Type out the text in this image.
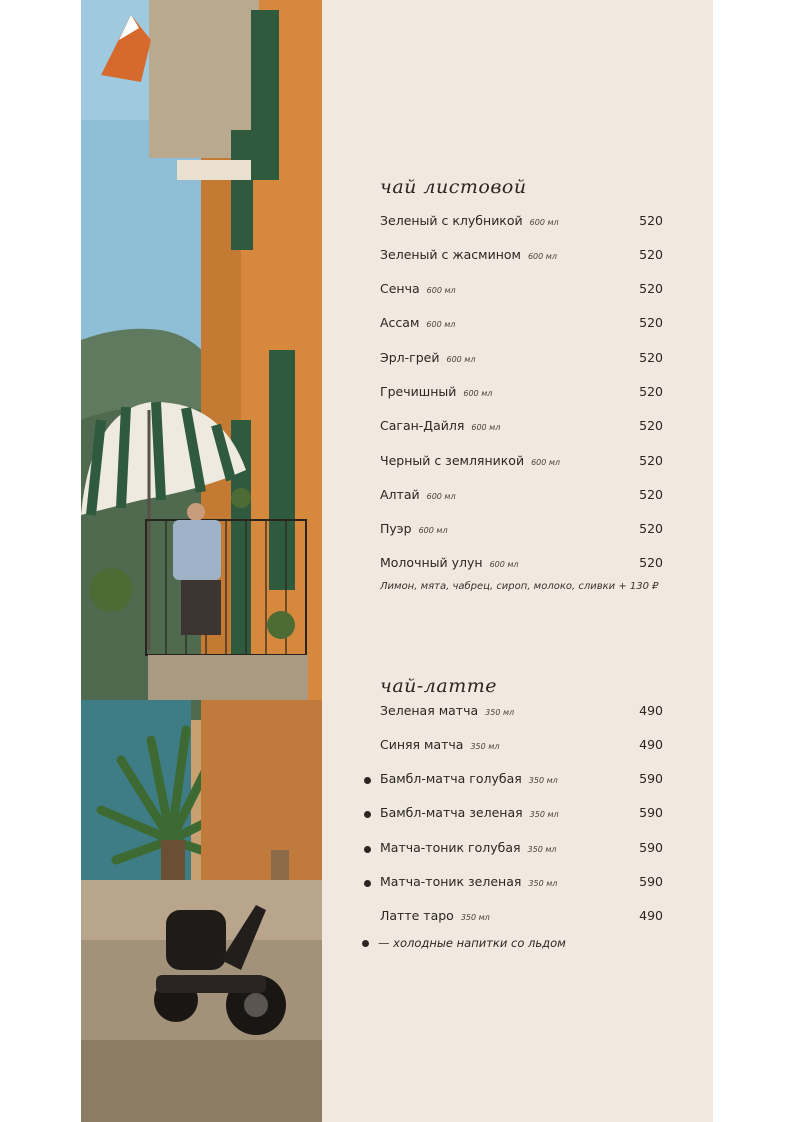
чай листовой
Зеленый с клубникой 600 мл	520
Зеленый с жасмином 600 мл	520
Сенча 600 мл	520
Ассам 600 мл	520
Эрл-грей 600 мл	520
Гречишный 600 мл	520
Саган-Дайля 600 мл	520
Черный с земляникой 600 мл	520
Алтай 600 мл	520
Пуэр 600 мл	520
Молочный улун 600 мл	520
Лимон, мята, чабрец, сироп, молоко, сливки + 130 ₽
чай-латте
Зеленая матча 350 мл	490
Синяя матча 350 мл	490
Бамбл-матча голубая 350 мл	590
Бамбл-матча зеленая 350 мл	590
Матча-тоник голубая 350 мл	590
Матча-тоник зеленая 350 мл	590
Латте таро 350 мл	490
— холодные напитки со льдом
